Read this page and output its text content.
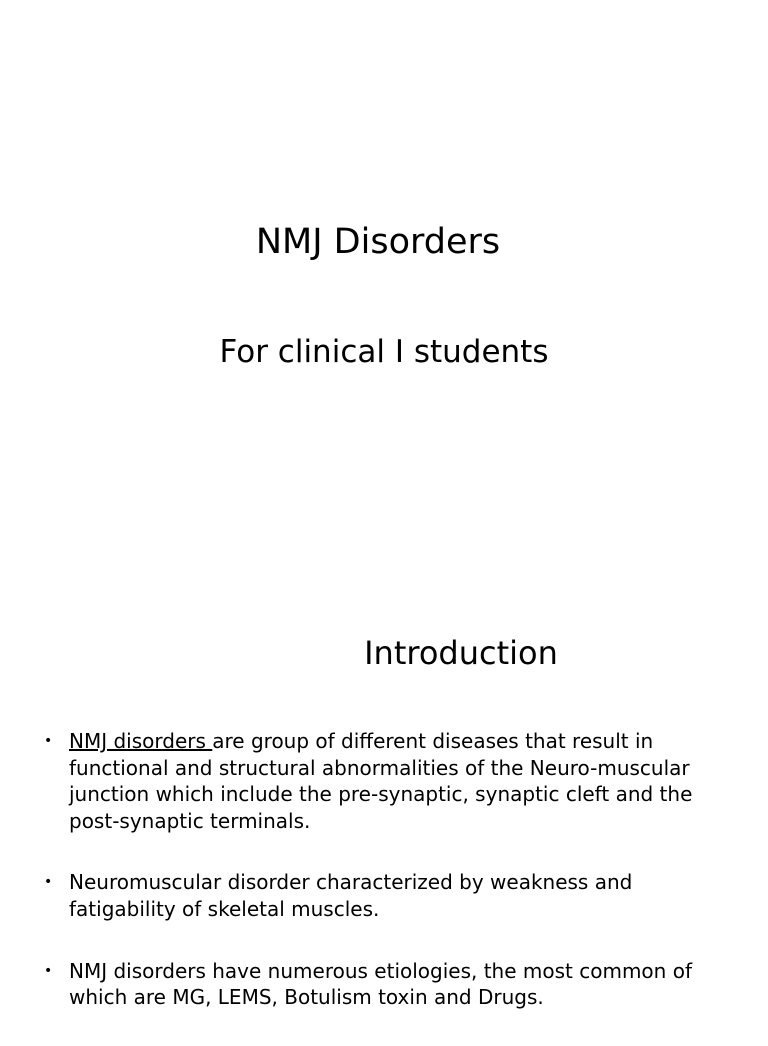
NMJ Disorders
For clinical I students
Introduction
• NMJ disorders are group of different diseases that result in functional and structural abnormalities of the Neuro-muscular junction which include the pre-synaptic, synaptic cleft and the post-synaptic terminals.
• Neuromuscular disorder characterized by weakness and fatigability of skeletal muscles.
• NMJ disorders have numerous etiologies, the most common of which are MG, LEMS, Botulism toxin and Drugs.
